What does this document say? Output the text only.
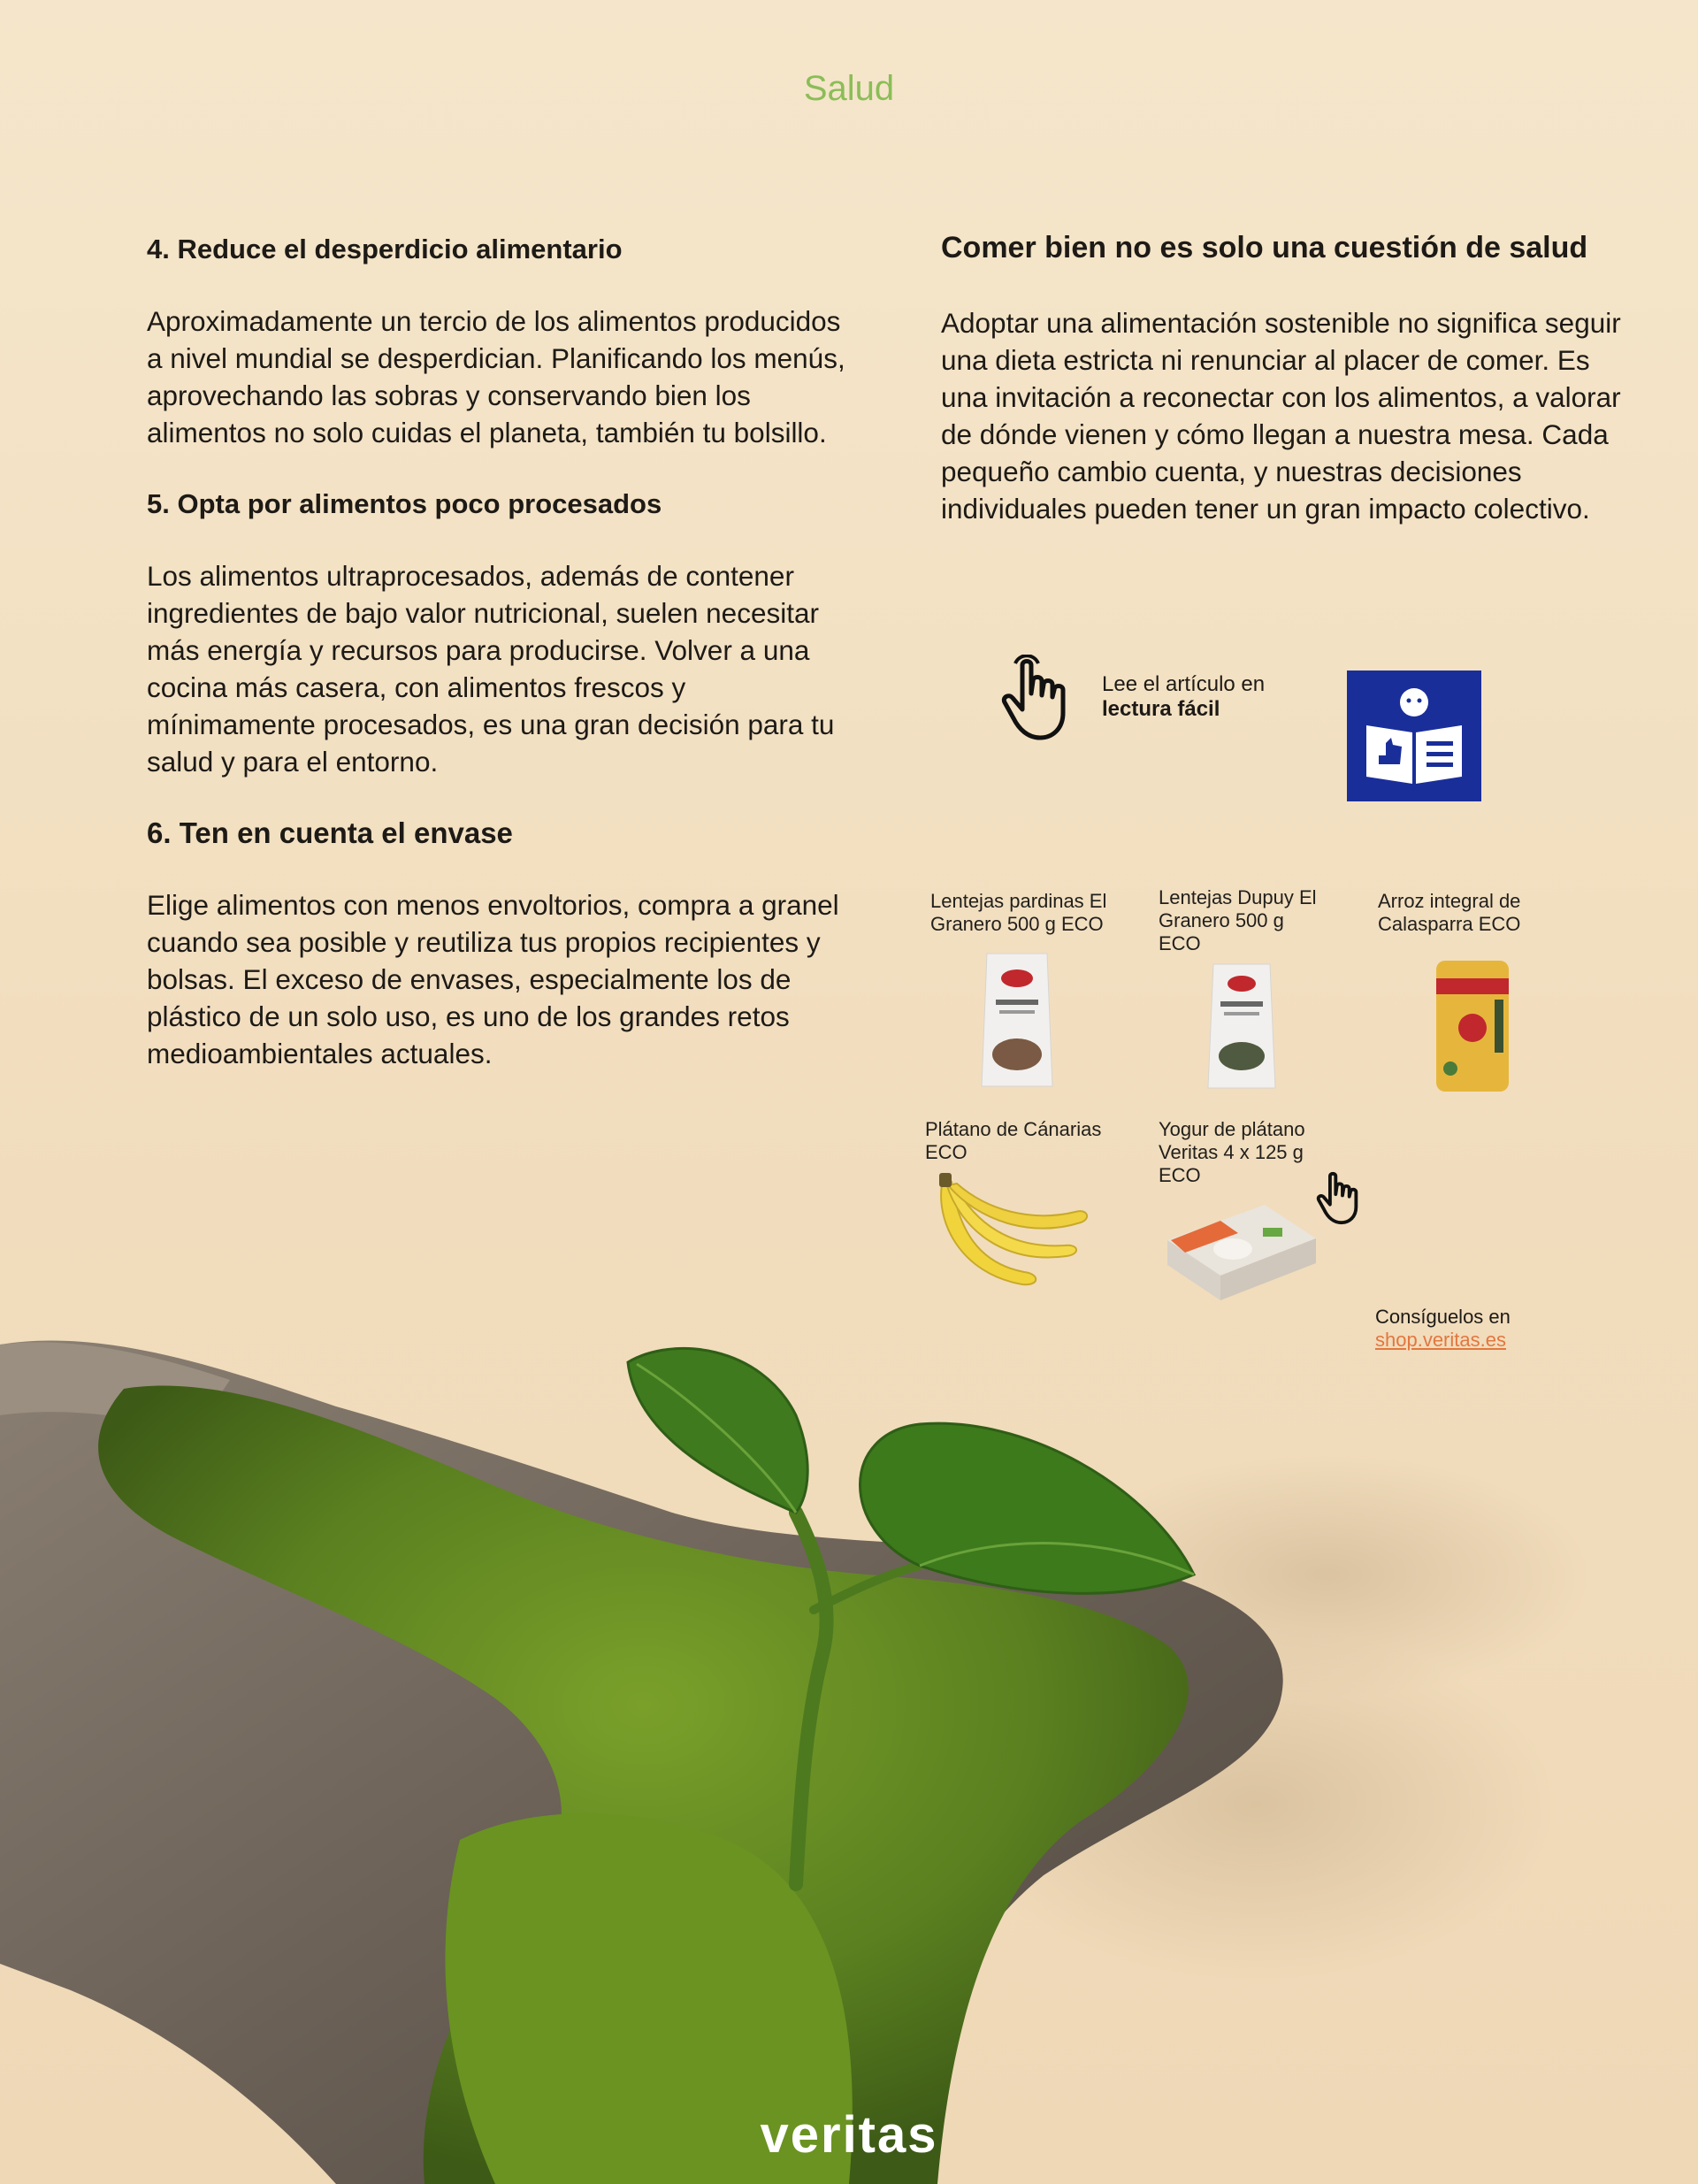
Salud
4. Reduce el desperdicio alimentario

Aproximadamente un tercio de los alimentos producidos a nivel mundial se desperdician. Planificando los menús, aprovechando las sobras y conservando bien los alimentos no solo cuidas el planeta, también tu bolsillo.

5. Opta por alimentos poco procesados

Los alimentos ultraprocesados, además de contener ingredientes de bajo valor nutricional, suelen necesitar más energía y recursos para producirse. Volver a una cocina más casera, con alimentos frescos y mínimamente procesados, es una gran decisión para tu salud y para el entorno.

6. Ten en cuenta el envase

Elige alimentos con menos envoltorios, compra a granel cuando sea posible y reutiliza tus propios recipientes y bolsas. El exceso de envases, especialmente los de plástico de un solo uso, es uno de los grandes retos medioambientales actuales.

Comer bien no es solo una cuestión de salud

Adoptar una alimentación sostenible no significa seguir una dieta estricta ni renunciar al placer de comer. Es una invitación a reconectar con los alimentos, a valorar de dónde vienen y cómo llegan a nuestra mesa. Cada pequeño cambio cuenta, y nuestras decisiones individuales pueden tener un gran impacto colectivo.

Lee el artículo en
lectura fácil
Lentejas pardinas El Granero 500 g ECO
Lentejas Dupuy El Granero 500 g ECO
Arroz integral de Calasparra ECO
Plátano de Cánarias ECO
Yogur de plátano Veritas 4 x 125 g ECO
Consíguelos en
shop.veritas.es
veritas
